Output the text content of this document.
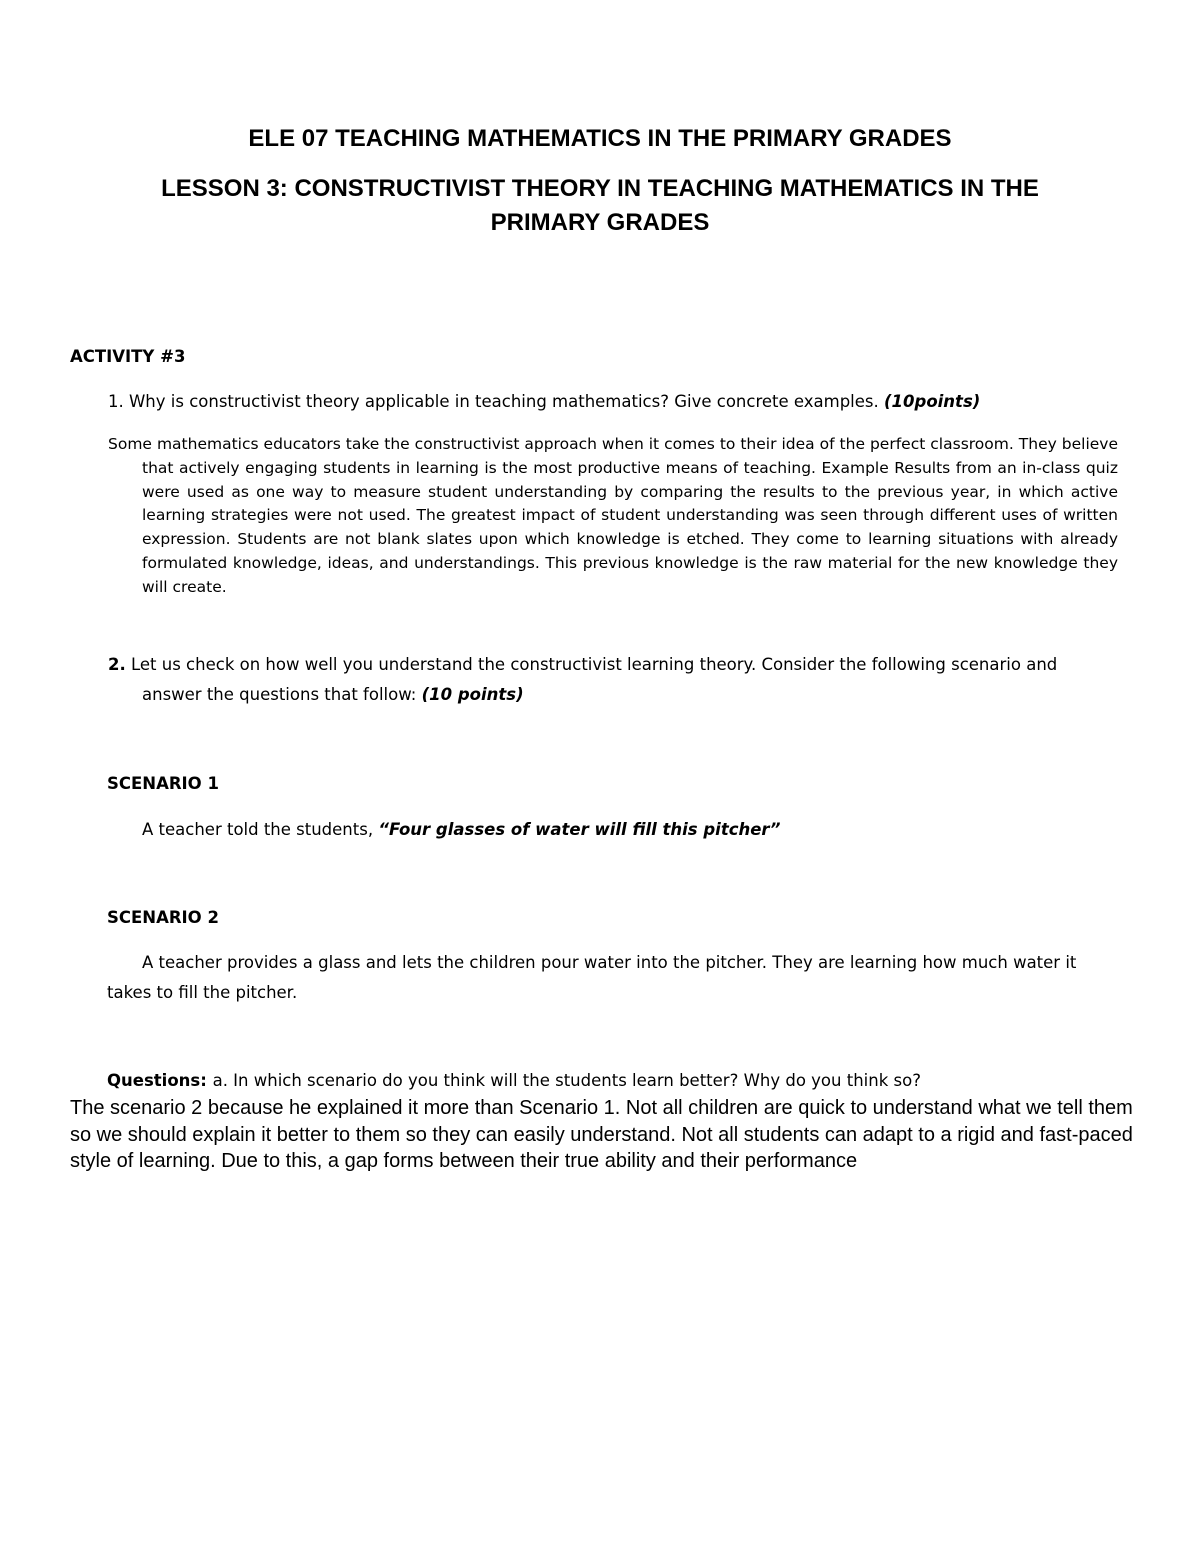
ELE 07 TEACHING MATHEMATICS IN THE PRIMARY GRADES
LESSON 3: CONSTRUCTIVIST THEORY IN TEACHING MATHEMATICS IN THE
PRIMARY GRADES
ACTIVITY #3
1. Why is constructivist theory applicable in teaching mathematics? Give concrete examples. (10points)

Some mathematics educators take the constructivist approach when it comes to their idea of the perfect classroom. They believe that actively engaging students in learning is the most productive means of teaching. Example Results from an in-class quiz were used as one way to measure student understanding by comparing the results to the previous year, in which active learning strategies were not used. The greatest impact of student understanding was seen through different uses of written expression. Students are not blank slates upon which knowledge is etched. They come to learning situations with already formulated knowledge, ideas, and understandings. This previous knowledge is the raw material for the new knowledge they will create.

2. Let us check on how well you understand the constructivist learning theory. Consider the following scenario and
answer the questions that follow: (10 points)
SCENARIO 1
A teacher told the students, “Four glasses of water will fill this pitcher”
SCENARIO 2
A teacher provides a glass and lets the children pour water into the pitcher. They are learning how much water it
takes to fill the pitcher.
Questions: a. In which scenario do you think will the students learn better? Why do you think so?

The scenario 2 because he explained it more than Scenario 1. Not all children are quick to understand what we tell them so we should explain it better to them so they can easily understand. Not all students can adapt to a rigid and fast-paced style of learning. Due to this, a gap forms between their true ability and their performance
